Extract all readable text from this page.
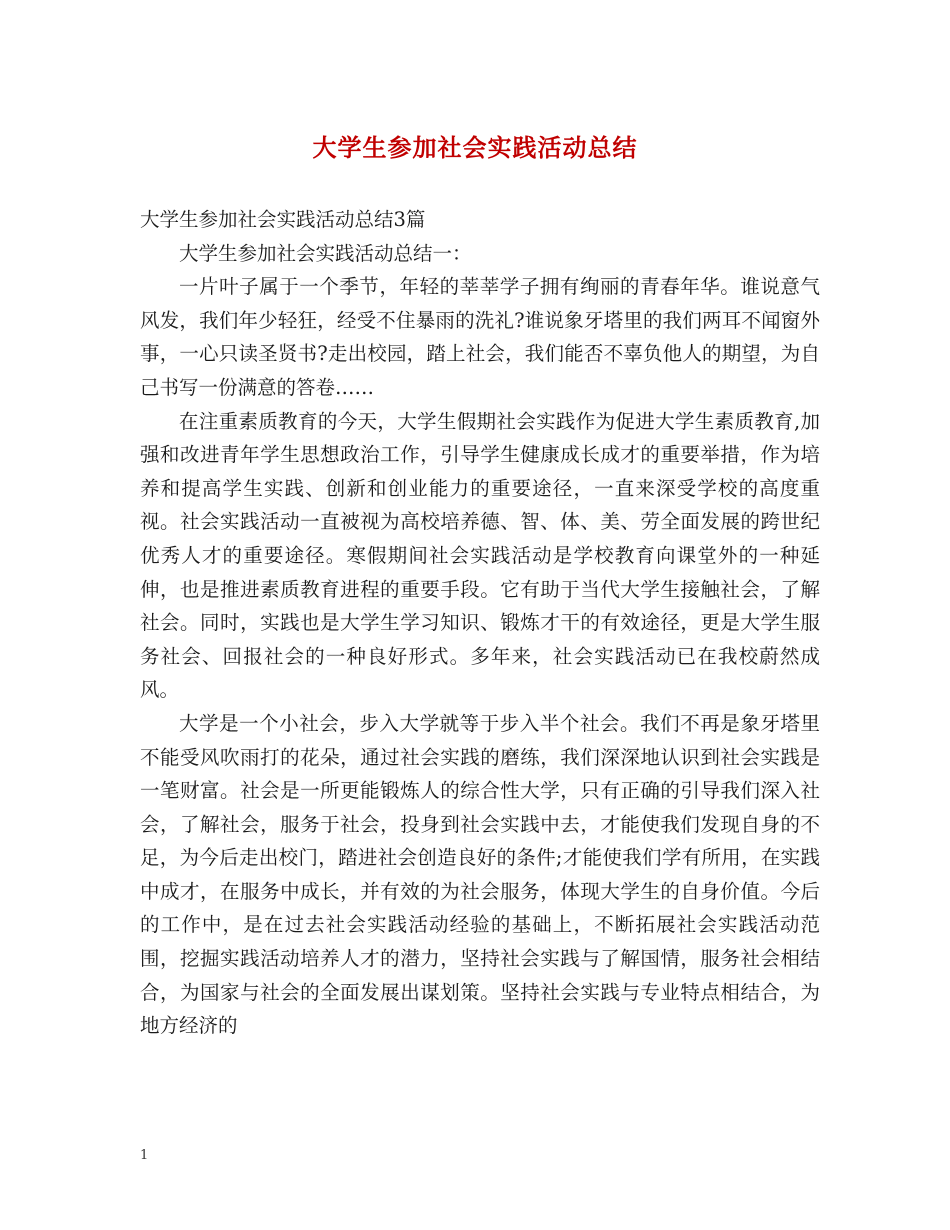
大学生参加社会实践活动总结

大学生参加社会实践活动总结3篇

大学生参加社会实践活动总结一：

一片叶子属于一个季节，年轻的莘莘学子拥有绚丽的青春年华。谁说意气风发，我们年少轻狂，经受不住暴雨的洗礼?谁说象牙塔里的我们两耳不闻窗外事，一心只读圣贤书?走出校园，踏上社会，我们能否不辜负他人的期望，为自己书写一份满意的答卷……

在注重素质教育的今天，大学生假期社会实践作为促进大学生素质教育,加强和改进青年学生思想政治工作，引导学生健康成长成才的重要举措，作为培养和提高学生实践、创新和创业能力的重要途径，一直来深受学校的高度重视。社会实践活动一直被视为高校培养德、智、体、美、劳全面发展的跨世纪优秀人才的重要途径。寒假期间社会实践活动是学校教育向课堂外的一种延伸，也是推进素质教育进程的重要手段。它有助于当代大学生接触社会，了解社会。同时，实践也是大学生学习知识、锻炼才干的有效途径，更是大学生服务社会、回报社会的一种良好形式。多年来，社会实践活动已在我校蔚然成风。

大学是一个小社会，步入大学就等于步入半个社会。我们不再是象牙塔里不能受风吹雨打的花朵，通过社会实践的磨练，我们深深地认识到社会实践是一笔财富。社会是一所更能锻炼人的综合性大学，只有正确的引导我们深入社会，了解社会，服务于社会，投身到社会实践中去，才能使我们发现自身的不足，为今后走出校门，踏进社会创造良好的条件;才能使我们学有所用，在实践中成才，在服务中成长，并有效的为社会服务，体现大学生的自身价值。今后的工作中，是在过去社会实践活动经验的基础上，不断拓展社会实践活动范围，挖掘实践活动培养人才的潜力，坚持社会实践与了解国情，服务社会相结合，为国家与社会的全面发展出谋划策。坚持社会实践与专业特点相结合，为地方经济的

1
